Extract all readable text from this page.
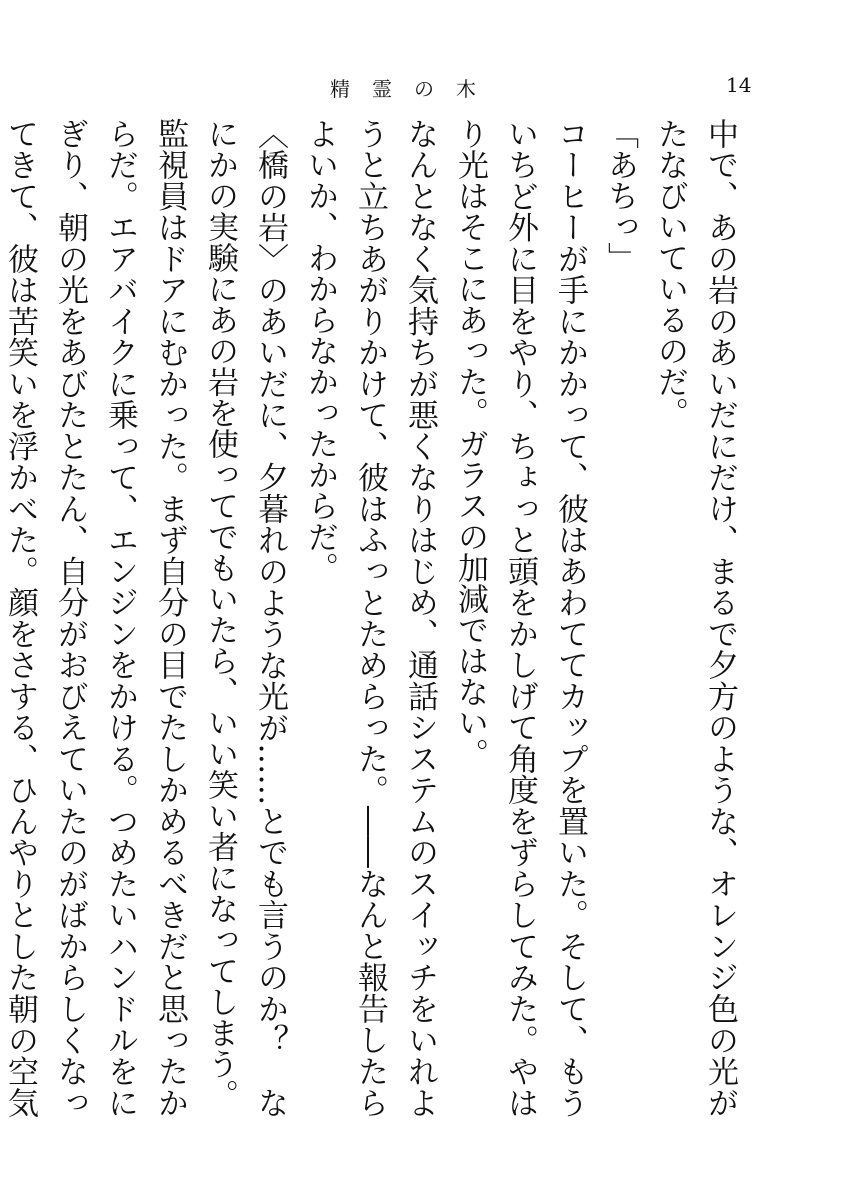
精霊の木	14

中で、あの岩のあいだにだけ、まるで夕方のような、オレンジ色の光がたなびいているのだ。

「あちっ」

コーヒーが手にかかって、彼はあわててカップを置いた。そして、もういちど外に目をやり、ちょっと頭をかしげて角度をずらしてみた。やはり光はそこにあった。ガラスの加減ではない。

なんとなく気持ちが悪くなりはじめ、通話システムのスイッチをいれようと立ちあがりかけて、彼はふっとためらった。――なんと報告したらよいか、わからなかったからだ。

〈橋の岩〉のあいだに、夕暮れのような光が……とでも言うのか？　なにかの実験にあの岩を使ってでもいたら、いい笑い者になってしまう。

監視員はドアにむかった。まず自分の目でたしかめるべきだと思ったからだ。エアバイクに乗って、エンジンをかける。つめたいハンドルをにぎり、朝の光をあびたとたん、自分がおびえていたのがばからしくなってきて、彼は苦笑いを浮かべた。顔をさする、ひんやりとした朝の空気
